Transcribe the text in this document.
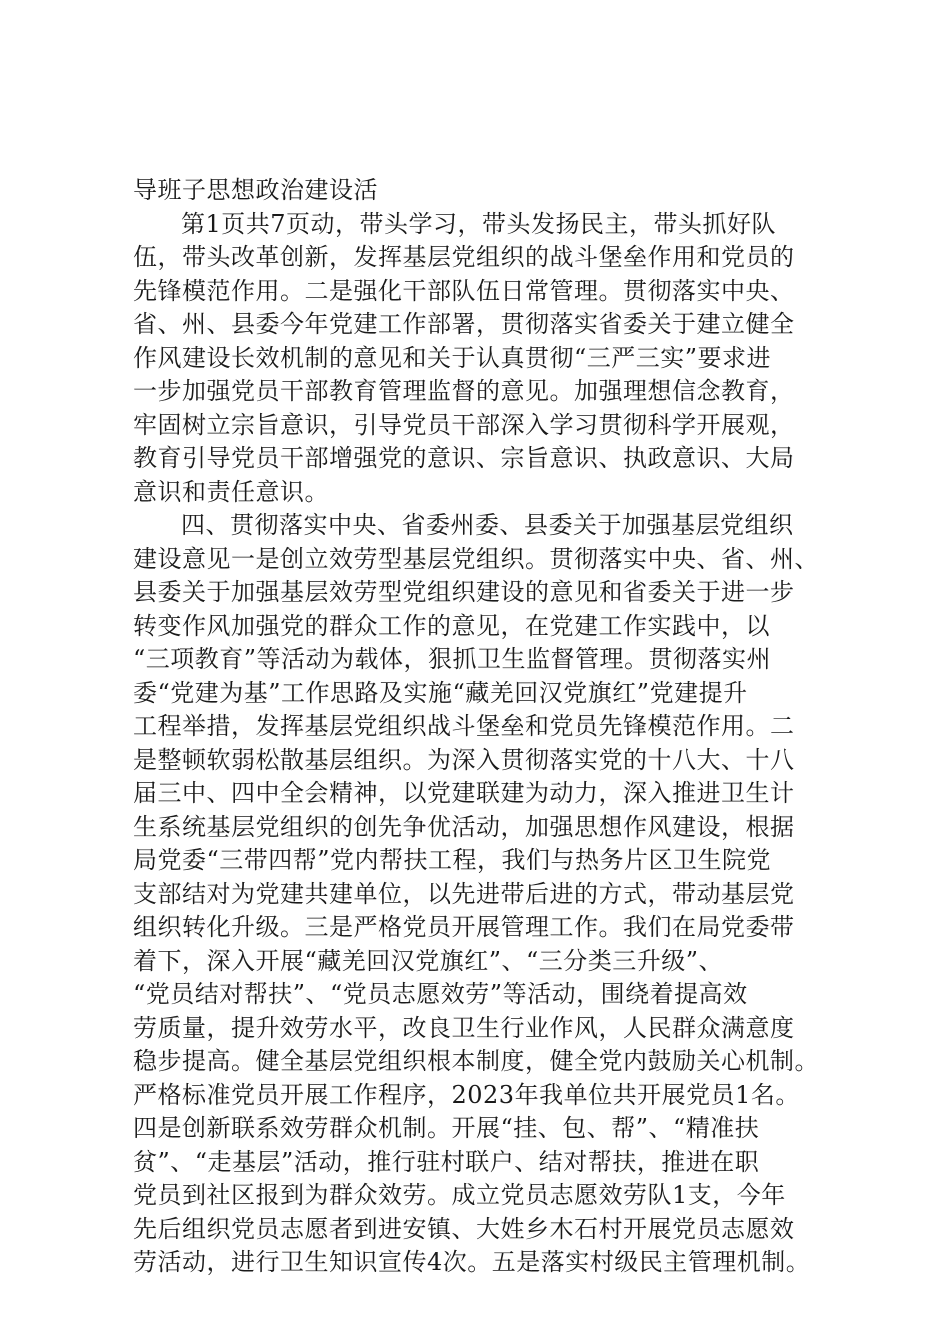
导班子思想政治建设活
第1页共7页动，带头学习，带头发扬民主，带头抓好队
伍，带头改革创新，发挥基层党组织的战斗堡垒作用和党员的
先锋模范作用。二是强化干部队伍日常管理。贯彻落实中央、
省、州、县委今年党建工作部署，贯彻落实省委关于建立健全
作风建设长效机制的意见和关于认真贯彻“三严三实”要求进
一步加强党员干部教育管理监督的意见。加强理想信念教育，
牢固树立宗旨意识，引导党员干部深入学习贯彻科学开展观，
教育引导党员干部增强党的意识、宗旨意识、执政意识、大局
意识和责任意识。
四、贯彻落实中央、省委州委、县委关于加强基层党组织
建设意见一是创立效劳型基层党组织。贯彻落实中央、省、州、
县委关于加强基层效劳型党组织建设的意见和省委关于进一步
转变作风加强党的群众工作的意见，在党建工作实践中，以
“三项教育”等活动为载体，狠抓卫生监督管理。贯彻落实州
委“党建为基”工作思路及实施“藏羌回汉党旗红”党建提升
工程举措，发挥基层党组织战斗堡垒和党员先锋模范作用。二
是整顿软弱松散基层组织。为深入贯彻落实党的十八大、十八
届三中、四中全会精神，以党建联建为动力，深入推进卫生计
生系统基层党组织的创先争优活动，加强思想作风建设，根据
局党委“三带四帮”党内帮扶工程，我们与热务片区卫生院党
支部结对为党建共建单位，以先进带后进的方式，带动基层党
组织转化升级。三是严格党员开展管理工作。我们在局党委带
着下，深入开展“藏羌回汉党旗红”、“三分类三升级”、
“党员结对帮扶”、“党员志愿效劳”等活动，围绕着提高效
劳质量，提升效劳水平，改良卫生行业作风，人民群众满意度
稳步提高。健全基层党组织根本制度，健全党内鼓励关心机制。
严格标准党员开展工作程序，2023年我单位共开展党员1名。
四是创新联系效劳群众机制。开展“挂、包、帮”、“精准扶
贫”、“走基层”活动，推行驻村联户、结对帮扶，推进在职
党员到社区报到为群众效劳。成立党员志愿效劳队1支，今年
先后组织党员志愿者到进安镇、大姓乡木石村开展党员志愿效
劳活动，进行卫生知识宣传4次。五是落实村级民主管理机制。
